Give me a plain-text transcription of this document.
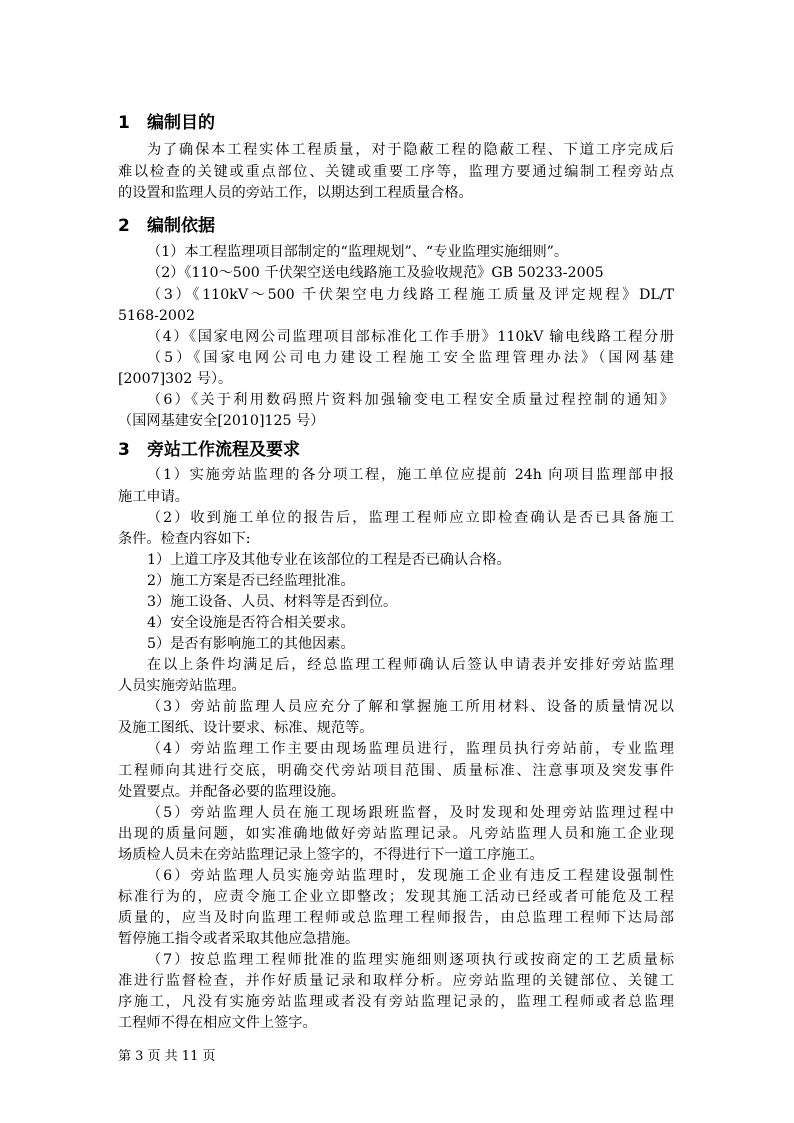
1 编制目的
为了确保本工程实体工程质量，对于隐蔽工程的隐蔽工程、下道工序完成后
难以检查的关键或重点部位、关键或重要工序等，监理方要通过编制工程旁站点
的设置和监理人员的旁站工作，以期达到工程质量合格。
2 编制依据
（1）本工程监理项目部制定的“监理规划”、“专业监理实施细则”。
（2）《110～500 千伏架空送电线路施工及验收规范》GB 50233-2005
（3）《110kV～500 千伏架空电力线路工程施工质量及评定规程》DL/T
5168-2002
（4）《国家电网公司监理项目部标准化工作手册》110kV 输电线路工程分册
（5）《国家电网公司电力建设工程施工安全监理管理办法》（国网基建
[2007]302 号）。
（6）《关于利用数码照片资料加强输变电工程安全质量过程控制的通知》
（国网基建安全[2010]125 号）
3 旁站工作流程及要求
（1）实施旁站监理的各分项工程，施工单位应提前 24h 向项目监理部申报
施工申请。
（2）收到施工单位的报告后，监理工程师应立即检查确认是否已具备施工
条件。检查内容如下:
1）上道工序及其他专业在该部位的工程是否已确认合格。
2）施工方案是否已经监理批准。
3）施工设备、人员、材料等是否到位。
4）安全设施是否符合相关要求。
5）是否有影响施工的其他因素。
在以上条件均满足后，经总监理工程师确认后签认申请表并安排好旁站监理
人员实施旁站监理。
（3）旁站前监理人员应充分了解和掌握施工所用材料、设备的质量情况以
及施工图纸、设计要求、标准、规范等。
（4）旁站监理工作主要由现场监理员进行，监理员执行旁站前，专业监理
工程师向其进行交底，明确交代旁站项目范围、质量标准、注意事项及突发事件
处置要点。并配备必要的监理设施。
（5）旁站监理人员在施工现场跟班监督，及时发现和处理旁站监理过程中
出现的质量问题，如实准确地做好旁站监理记录。凡旁站监理人员和施工企业现
场质检人员未在旁站监理记录上签字的，不得进行下一道工序施工。
（6）旁站监理人员实施旁站监理时，发现施工企业有违反工程建设强制性
标准行为的，应责令施工企业立即整改；发现其施工活动已经或者可能危及工程
质量的，应当及时向监理工程师或总监理工程师报告，由总监理工程师下达局部
暂停施工指令或者采取其他应急措施。
（7）按总监理工程师批准的监理实施细则逐项执行或按商定的工艺质量标
准进行监督检查，并作好质量记录和取样分析。应旁站监理的关键部位、关键工
序施工，凡没有实施旁站监理或者没有旁站监理记录的，监理工程师或者总监理
工程师不得在相应文件上签字。
第 3 页 共 11 页
